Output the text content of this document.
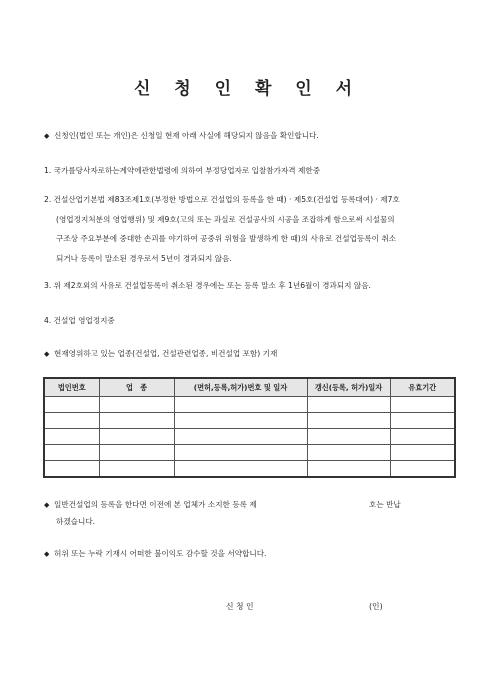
신 청 인 확 인 서
◆ 신청인(법인 또는 개인)은 신청일 현재 아래 사실에 해당되지 않음을 확인합니다.
1. 국가를당사자로하는계약에관한법령에 의하여 부정당업자로 입찰참가자격 제한중
2. 건설산업기본법 제83조제1호(부정한 방법으로 건설업의 등록을 한 때) · 제5호(건설업 등록대여) · 제7호
(영업정지처분의 영업행위) 및 제9호(고의 또는 과실로 건설공사의 시공을 조잡하게 함으로써 시설물의
구조상 주요부분에 중대한 손괴를 야기하여 공중위 위험을 발생하게 한 때)의 사유로 건설업등록이 취소
되거나 등록이 말소된 경우로서 5년이 경과되지 않음.
3. 위 제2호외의 사유로 건설업등록이 취소된 경우에는 또는 등록 말소 후 1년6월이 경과되지 않음.
4. 건설업 영업정지중
◆ 현재영위하고 있는 업종(건설업, 건설관련업종, 비건설업 포함) 기재
법인번호	업　종	(면허,등록,허가)번호 및 일자	갱신(등록, 허가)일자	유효기간

◆ 일반건설업의 등록을 한다면 이전에 본 업체가 소지한 등록 제	호는 반납
하겠습니다.
◆ 허위 또는 누락 기재시 어떠한 불이익도 감수할 것을 서약합니다.
신 청 인	(인)
